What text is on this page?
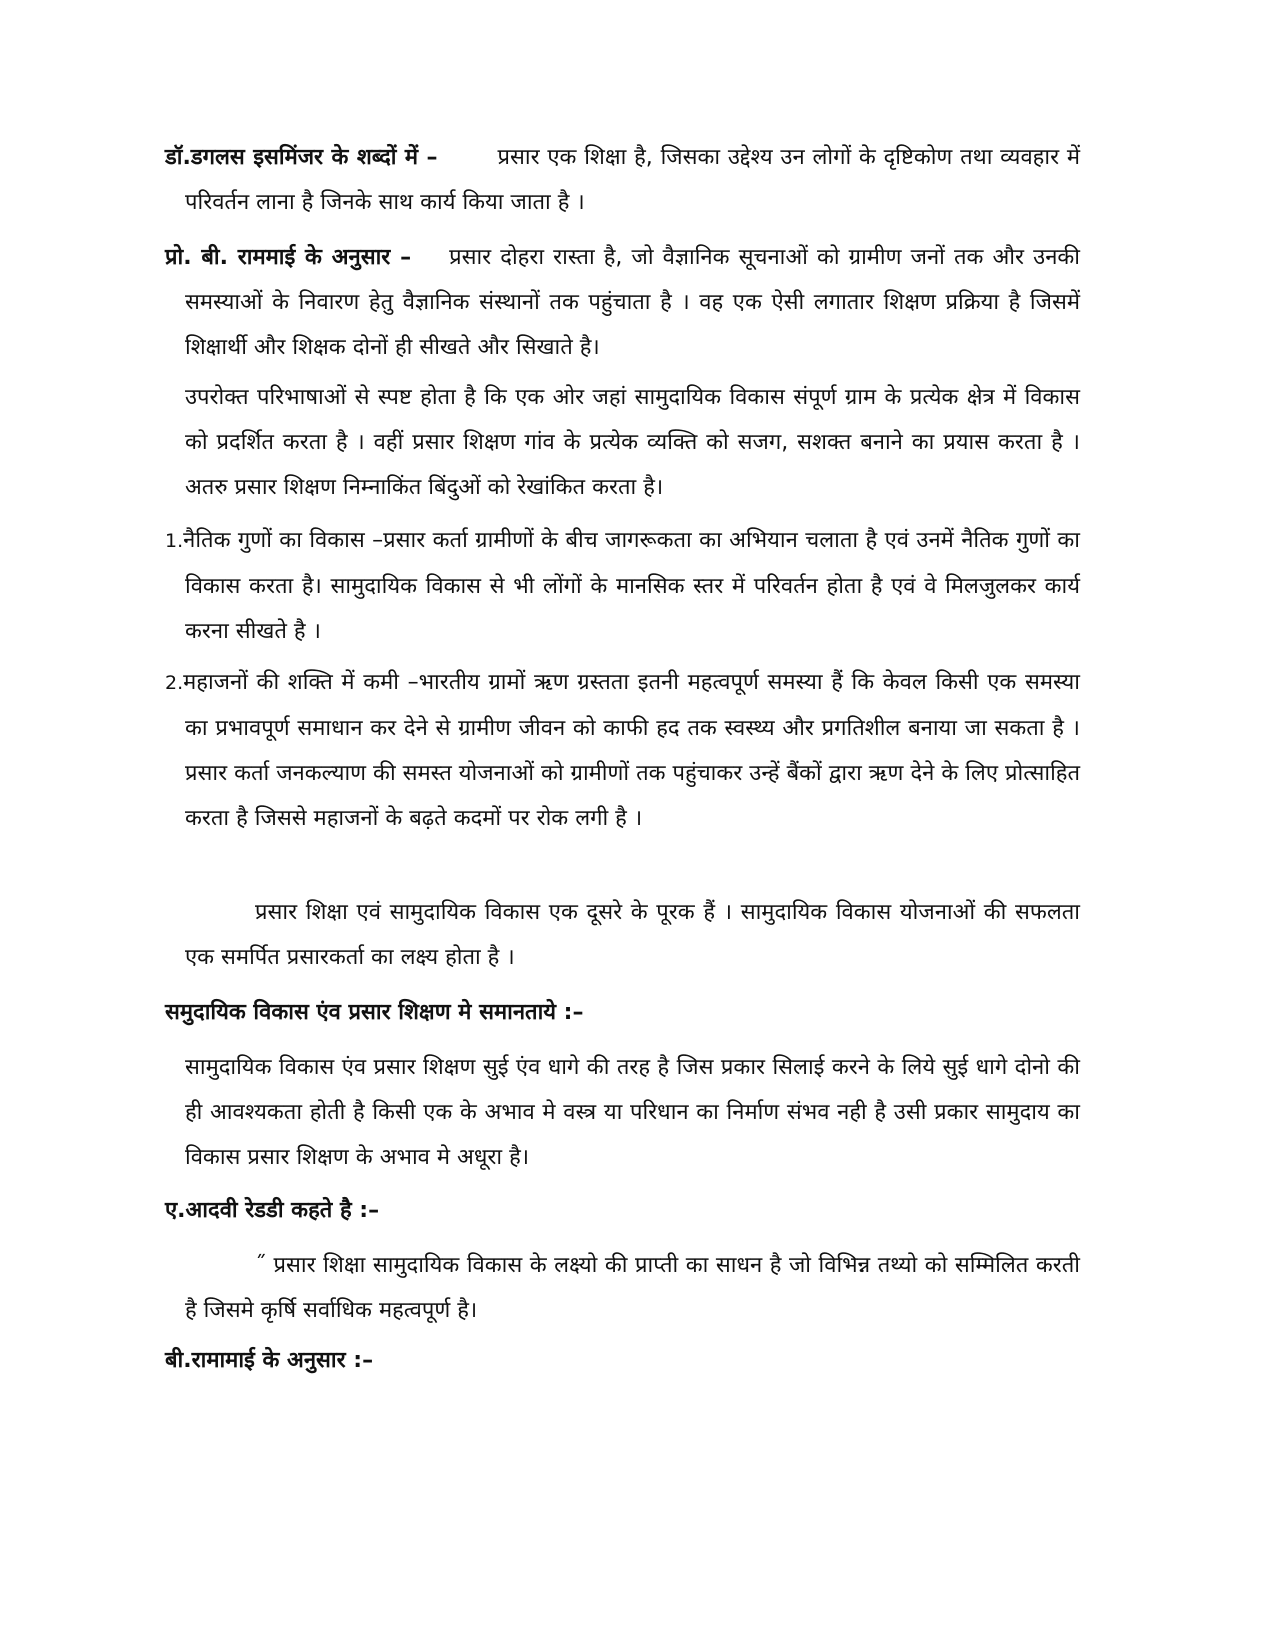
डॉ.डगलस इसमिंजर के शब्दों में –	प्रसार एक शिक्षा है, जिसका उद्देश्य उन लोगों के दृष्टिकोण तथा व्यवहार में परिवर्तन लाना है जिनके साथ कार्य किया जाता है ।

प्रो. बी. राममाई के अनुसार – प्रसार दोहरा रास्ता है, जो वैज्ञानिक सूचनाओं को ग्रामीण जनों तक और उनकी समस्याओं के निवारण हेतु वैज्ञानिक संस्थानों तक पहुंचाता है । वह एक ऐसी लगातार शिक्षण प्रक्रिया है जिसमें शिक्षार्थी और शिक्षक दोनों ही सीखते और सिखाते है।

उपरोक्त परिभाषाओं से स्पष्ट होता है कि एक ओर जहां सामुदायिक विकास संपूर्ण ग्राम के प्रत्येक क्षेत्र में विकास को प्रदर्शित करता है । वहीं प्रसार शिक्षण गांव के प्रत्येक व्यक्ति को सजग, सशक्त बनाने का प्रयास करता है । अतरु प्रसार शिक्षण निम्नाकिंत बिंदुओं को रेखांकित करता है।

1.नैतिक गुणों का विकास –प्रसार कर्ता ग्रामीणों के बीच जागरूकता का अभियान चलाता है एवं उनमें नैतिक गुणों का विकास करता है। सामुदायिक विकास से भी लोंगों के मानसिक स्तर में परिवर्तन होता है एवं वे मिलजुलकर कार्य करना सीखते है ।

2.महाजनों की शक्ति में कमी –भारतीय ग्रामों ऋण ग्रस्तता इतनी महत्वपूर्ण समस्या हैं कि केवल किसी एक समस्या का प्रभावपूर्ण समाधान कर देने से ग्रामीण जीवन को काफी हद तक स्वस्थ्य और प्रगतिशील बनाया जा सकता है । प्रसार कर्ता जनकल्याण की समस्त योजनाओं को ग्रामीणों तक पहुंचाकर उन्हें बैंकों द्वारा ऋण देने के लिए प्रोत्साहित करता है जिससे महाजनों के बढ़ते कदमों पर रोक लगी है ।

प्रसार शिक्षा एवं सामुदायिक विकास एक दूसरे के पूरक हैं । सामुदायिक विकास योजनाओं की सफलता एक समर्पित प्रसारकर्ता का लक्ष्य होता है ।

समुदायिक विकास एंव प्रसार शिक्षण मे समानताये :–

सामुदायिक विकास एंव प्रसार शिक्षण सुई एंव धागे की तरह है जिस प्रकार सिलाई करने के लिये सुई धागे दोनो की ही आवश्यकता होती है किसी एक के अभाव मे वस्त्र या परिधान का निर्माण संभव नही है उसी प्रकार सामुदाय का विकास प्रसार शिक्षण के अभाव मे अधूरा है।

ए.आदवी रेडडी कहते है :–

˝ प्रसार शिक्षा सामुदायिक विकास के लक्ष्यो की प्राप्ती का साधन है जो विभिन्न तथ्यो को सम्मिलित करती है जिसमे कृर्षि सर्वाधिक महत्वपूर्ण है।

बी.रामामाई के अनुसार :–
